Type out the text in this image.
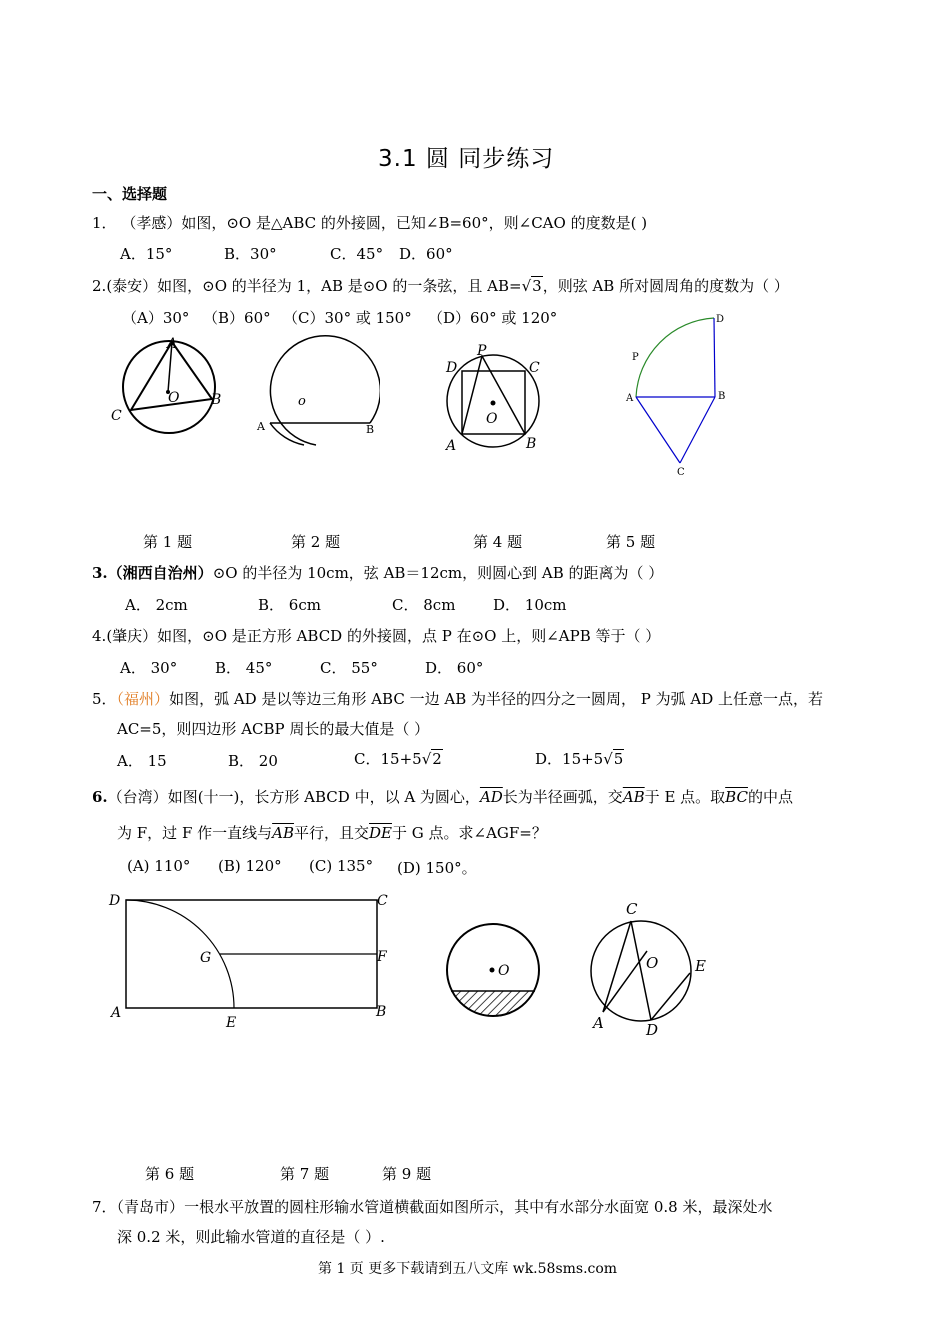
3.1 圆 同步练习
一、选择题
1． （孝感）如图，⊙O 是△ABC 的外接圆，已知∠B=60°，则∠CAO 的度数是( )
A．15°	B．30°	C．45° D．60°
2.(泰安）如图，⊙O 的半径为 1，AB 是⊙O 的一条弦，且 AB=√3，则弦 AB 所对圆周角的度数为（ ）
（A）30° （B）60° （C）30° 或 150° （D）60° 或 120°
A
O
C
B	o
A	B
P
D	C
O
A	B
D
P
A	B
C
第 1 题	第 2 题	第 4 题	第 5 题
3.（湘西自治州）⊙O 的半径为 10cm，弦 AB＝12cm，则圆心到 AB 的距离为（ ）
A． 2cm	B． 6cm	C． 8cm	D． 10cm
4.(肇庆）如图，⊙O 是正方形 ABCD 的外接圆，点 P 在⊙O 上，则∠APB 等于（ ）
A． 30°	B． 45°	C． 55°	D． 60°
5．（福州）如图，弧 AD 是以等边三角形 ABC 一边 AB 为半径的四分之一圆周， P 为弧 AD 上任意一点，若
AC=5，则四边形 ACBP 周长的最大值是（ ）
A． 15	B． 20	C．15+5√2	D．15+5√5
6.（台湾）如图(十一)，长方形 ABCD 中，以 A 为圆心，$\overline{AD}$长为半径画弧，交$\overline{AB}$于 E 点。取$\overline{BC}$的中点
为 F，过 F 作一直线与$\overline{AB}$平行，且交$\overline{DE}$于 G 点。求∠AGF=？
(A) 110° (B) 120° (C) 135° (D) 150°。
D	C
G	F
A
E
B
O
C
O E
A	D
第 6 题	第 7 题	第 9 题
7．（青岛市）一根水平放置的圆柱形输水管道横截面如图所示，其中有水部分水面宽 0.8 米，最深处水
深 0.2 米，则此输水管道的直径是（ ）.
第 1 页 更多下载请到五八文库 wk.58sms.com
